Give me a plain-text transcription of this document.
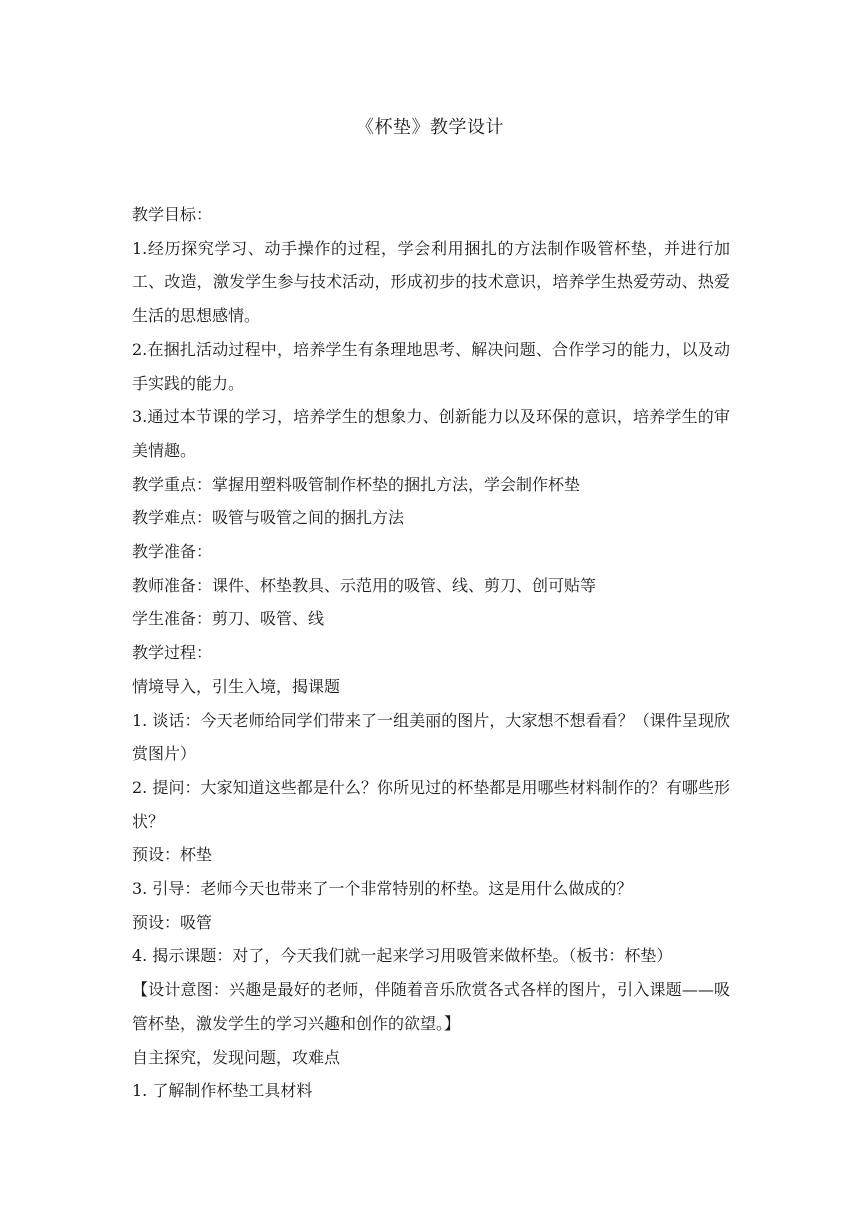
《杯垫》教学设计

教学目标：

1.经历探究学习、动手操作的过程，学会利用捆扎的方法制作吸管杯垫，并进行加工、改造，激发学生参与技术活动，形成初步的技术意识，培养学生热爱劳动、热爱生活的思想感情。

2.在捆扎活动过程中，培养学生有条理地思考、解决问题、合作学习的能力，以及动手实践的能力。

3.通过本节课的学习，培养学生的想象力、创新能力以及环保的意识，培养学生的审美情趣。

教学重点：掌握用塑料吸管制作杯垫的捆扎方法，学会制作杯垫

教学难点：吸管与吸管之间的捆扎方法

教学准备：

教师准备：课件、杯垫教具、示范用的吸管、线、剪刀、创可贴等

学生准备：剪刀、吸管、线

教学过程：

情境导入，引生入境，揭课题

1. 谈话：今天老师给同学们带来了一组美丽的图片，大家想不想看看？（课件呈现欣赏图片）

2. 提问：大家知道这些都是什么？你所见过的杯垫都是用哪些材料制作的？有哪些形状？

预设：杯垫

3. 引导：老师今天也带来了一个非常特别的杯垫。这是用什么做成的？

预设：吸管

4. 揭示课题：对了，今天我们就一起来学习用吸管来做杯垫。（板书：杯垫）

【设计意图：兴趣是最好的老师，伴随着音乐欣赏各式各样的图片，引入课题——吸管杯垫，激发学生的学习兴趣和创作的欲望。】

自主探究，发现问题，攻难点

1. 了解制作杯垫工具材料
